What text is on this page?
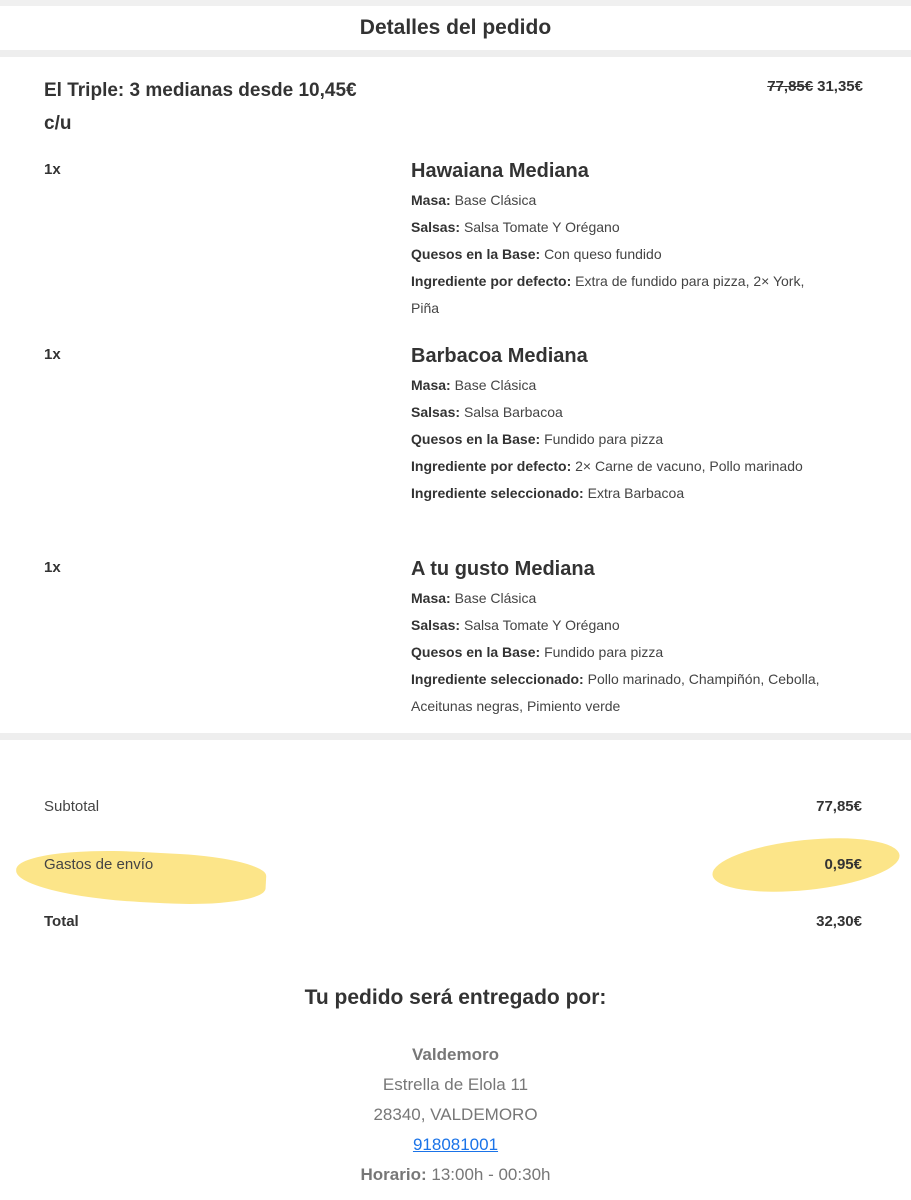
Detalles del pedido
El Triple: 3 medianas desde 10,45€ c/u
77,85€ 31,35€
1x	Hawaiana Mediana
Masa: Base Clásica
Salsas: Salsa Tomate Y Orégano
Quesos en la Base: Con queso fundido
Ingrediente por defecto: Extra de fundido para pizza, 2× York, Piña
1x	Barbacoa Mediana
Masa: Base Clásica
Salsas: Salsa Barbacoa
Quesos en la Base: Fundido para pizza
Ingrediente por defecto: 2× Carne de vacuno, Pollo marinado
Ingrediente seleccionado: Extra Barbacoa
1x	A tu gusto Mediana
Masa: Base Clásica
Salsas: Salsa Tomate Y Orégano
Quesos en la Base: Fundido para pizza
Ingrediente seleccionado: Pollo marinado, Champiñón, Cebolla, Aceitunas negras, Pimiento verde
Subtotal	77,85€
Gastos de envío	0,95€
Total	32,30€
Tu pedido será entregado por:
Valdemoro
Estrella de Elola 11
28340, VALDEMORO
918081001
Horario: 13:00h - 00:30h
